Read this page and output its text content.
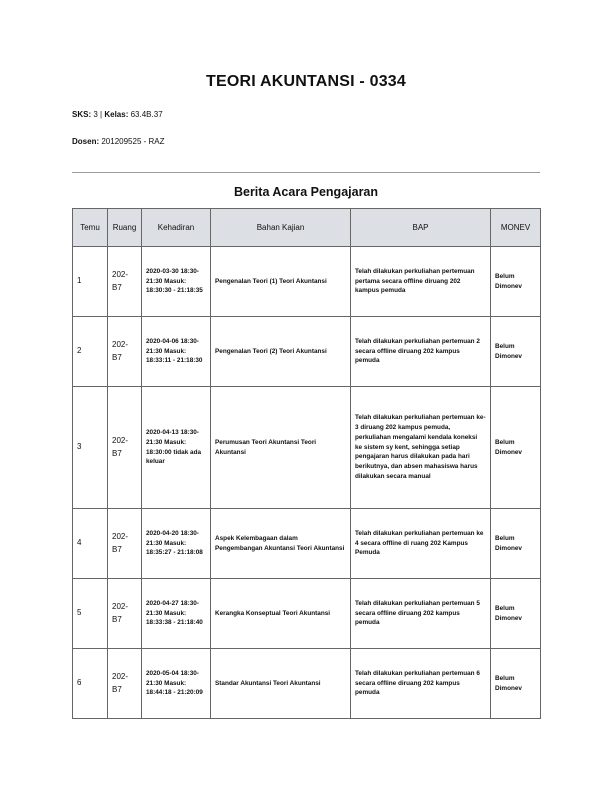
TEORI AKUNTANSI - 0334
SKS: 3 | Kelas: 63.4B.37
Dosen: 201209525 - RAZ
Berita Acara Pengajaran
Temu	Ruang	Kehadiran	Bahan Kajian	BAP	MONEV
1	202-B7	2020-03-30 18:30-21:30 Masuk: 18:30:30 - 21:18:35	Pengenalan Teori (1) Teori Akuntansi	Telah dilakukan perkuliahan pertemuan pertama secara offline diruang 202 kampus pemuda	Belum Dimonev
2	202-B7	2020-04-06 18:30-21:30 Masuk: 18:33:11 - 21:18:30	Pengenalan Teori (2) Teori Akuntansi	Telah dilakukan perkuliahan pertemuan 2 secara offline diruang 202 kampus pemuda	Belum Dimonev
3	202-B7	2020-04-13 18:30-21:30 Masuk: 18:30:00 tidak ada keluar	Perumusan Teori Akuntansi Teori Akuntansi	Telah dilakukan perkuliahan pertemuan ke-3 diruang 202 kampus pemuda, perkuliahan mengalami kendala koneksi ke sistem sy kent, sehingga setiap pengajaran harus dilakukan pada hari berikutnya, dan absen mahasiswa harus dilakukan secara manual	Belum Dimonev
4	202-B7	2020-04-20 18:30-21:30 Masuk: 18:35:27 - 21:18:08	Aspek Kelembagaan dalam Pengembangan Akuntansi Teori Akuntansi	Telah dilakukan perkuliahan pertemuan ke 4 secara offline di ruang 202 Kampus Pemuda	Belum Dimonev
5	202-B7	2020-04-27 18:30-21:30 Masuk: 18:33:38 - 21:18:40	Kerangka Konseptual Teori Akuntansi	Telah dilakukan perkuliahan pertemuan 5 secara offline diruang 202 kampus pemuda	Belum Dimonev
6	202-B7	2020-05-04 18:30-21:30 Masuk: 18:44:18 - 21:20:09	Standar Akuntansi Teori Akuntansi	Telah dilakukan perkuliahan pertemuan 6 secara offline diruang 202 kampus pemuda	Belum Dimonev
